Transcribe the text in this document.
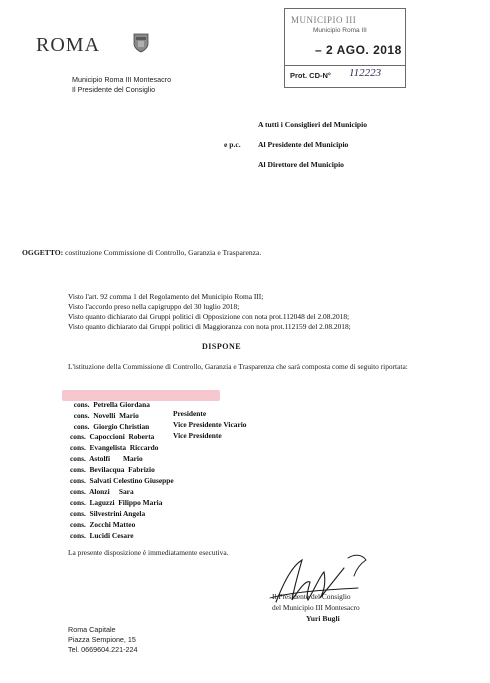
ROMA
Municipio Roma III Montesacro
Il Presidente del Consiglio
MUNICIPIO III
Municipio Roma III
– 2 AGO. 2018
Prot. CD-N° 112223
A tutti i Consiglieri del Municipio
e p.c. Al Presidente del Municipio
Al Direttore del Municipio
OGGETTO: costituzione Commissione di Controllo, Garanzia e Trasparenza.
Visto l'art. 92 comma 1 del Regolamento del Municipio Roma III;
Visto l'accordo preso nella capigruppo del 30 luglio 2018;
Visto quanto dichiarato dai Gruppi politici di Opposizione con nota prot.112048 del 2.08.2018;
Visto quanto dichiarato dai Gruppi politici di Maggioranza con nota prot.112159 del 2.08.2018;
DISPONE
L'istituzione della Commissione di Controllo, Garanzia e Trasparenza che sarà composta come di seguito riportata:

cons.  Petrella Giordana

Presidente

cons.  Novelli  Mario

Vice Presidente Vicario

cons.  Giorgio Christian

Vice Presidente

cons.  Capoccioni  Roberta
cons.  Evangelista  Riccardo
cons.  Astolfi       Mario
cons.  Bevilacqua  Fabrizio
cons.  Salvati Celestino Giuseppe
cons.  Alonzi     Sara
cons.  Laguzzi  Filippo Maria
cons.  Silvestrini Angela
cons.  Zocchi Matteo
cons.  Lucidi Cesare
La presente disposizione è immediatamente esecutiva.
Il Presidente del Consiglio
del Municipio III Montesacro
Yuri Bugli
Roma Capitale
Piazza Sempione, 15
Tel. 0669604.221-224
